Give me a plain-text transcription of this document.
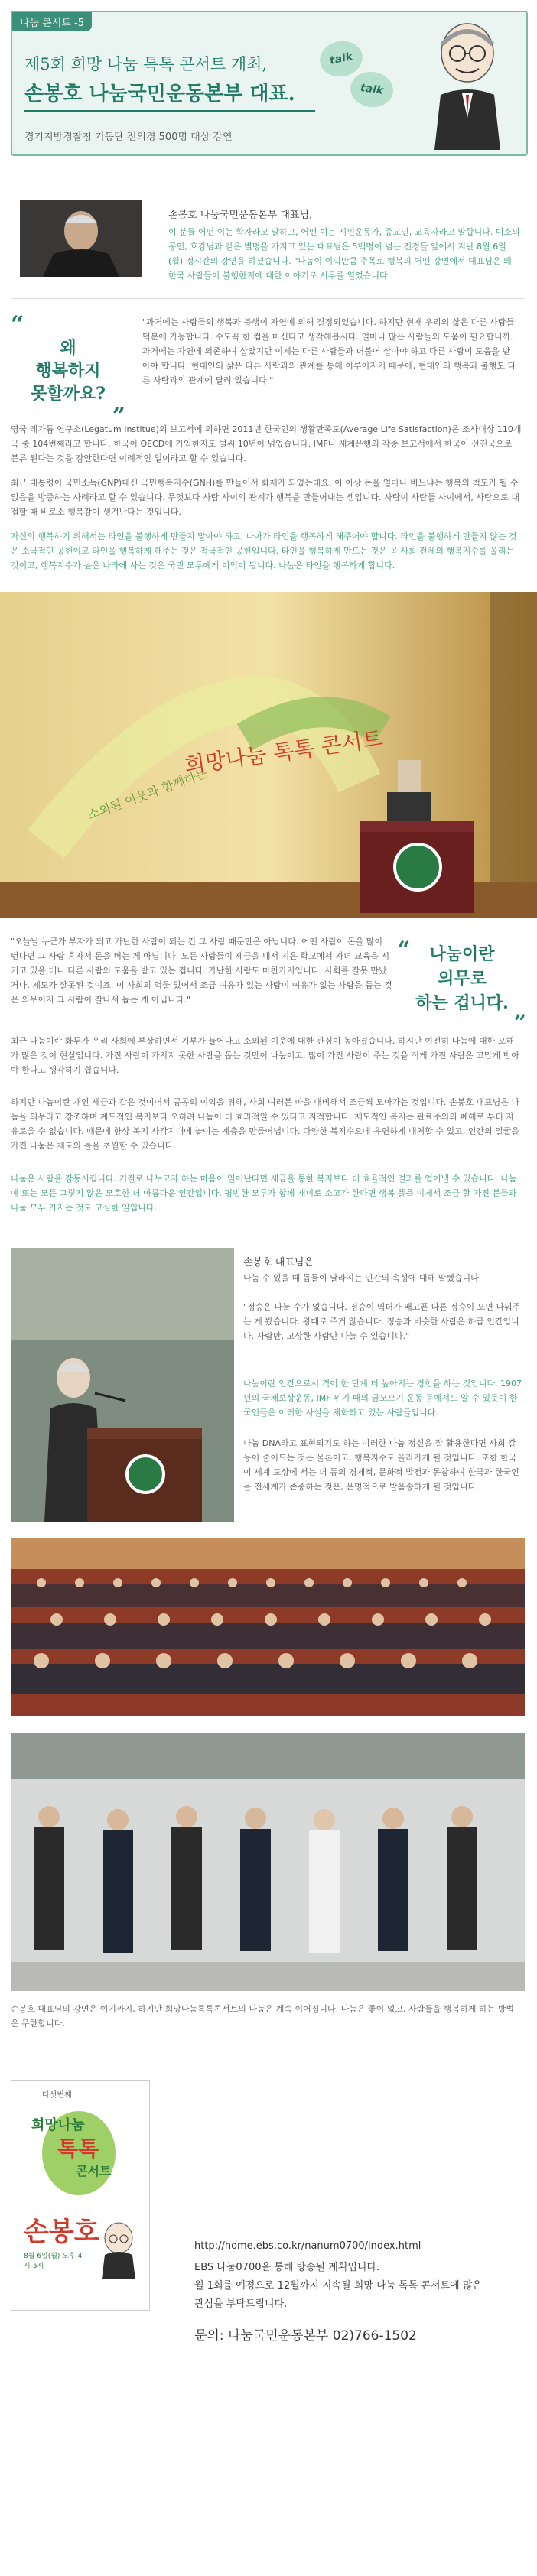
나눔 콘서트 -5
제5회 희망 나눔 톡톡 콘서트 개최,
손봉호 나눔국민운동본부 대표.
경기지방경찰청 기동단 전의경 500명 대상 강연
talk
talk
손봉호 나눔국민운동본부 대표님,
이 분들 어떤 이는 학자라고 말하고, 어떤 이는 시민운동가, 종교인, 교육자라고 말합니다. 미소의 공인, 호감님과 같은 별명을 가지고 있는 대표님은 5백명이 넘는 전경들 앞에서 지난 8월 6일(월) 정시간의 강연을 하셨습니다. "나눔이 이익만큼 주목로 행복의 어떤 강연에서 대표님은 왜 한국 사람들이 불행한지에 대한 이야기로 서두를 열었습니다.
“
왜
행복하지
못할까요?
”
"과거에는 사람들의 행복과 불행이 자연에 의해 결정되었습니다. 하지만 현재 우리의 삶은 다른 사람들 덕분에 가능합니다. 수도꼭 한 컵을 마신다고 생각해봅시다. 얼마나 많은 사람들의 도움이 필요합니까. 과거에는 자연에 의존하여 살았지만 이제는 다른 사람들과 더불어 살아야 하고 다른 사람이 도움을 받아야 합니다. 현대인의 삶은 다른 사람과의 관계를 통해 이루어지기 때문에, 현대인의 행복과 불행도 다른 사람과의 관계에 달려 있습니다."
영국 레가툼 연구소(Legatum Institue)의 보고서에 의하면 2011년 한국인의 생활만족도(Average Life Satisfaction)은 조사대상 110개국 중 104번째라고 합니다. 한국이 OECD에 가입한지도 벌써 10년이 넘었습니다. IMF나 세계은행의 각종 보고서에서 한국이 선진국으로 분류 된다는 것을 감안한다면 이례적인 일이라고 할 수 있습니다.
최근 대통령이 국민소득(GNP)대신 국민행복지수(GNH)를 만들어서 화제가 되었는데요. 이 이상 돈을 얼마나 버느냐는 행복의 척도가 될 수 없음을 방증하는 사례라고 할 수 있습니다. 무엇보다 사람 사이의 관계가 행복을 만들어내는 셈입니다. 사람이 사람들 사이에서, 사람으로 대접할 때 비로소 행복감이 생겨난다는 것입니다.
자신의 행복하기 위해서는 타인을 불행하게 만들지 말아야 하고, 나아가 타인을 행복하게 해주어야 합니다. 타인을 불행하게 만들지 않는 것은 소극적인 공헌이고 타인을 행복하게 해주는 것은 적극적인 공헌입니다. 타인을 행복하게 만드는 것은 곧 사회 전체의 행복지수를 올리는 것이고, 행복지수가 높은 나라에 사는 것은 국민 모두에게 이익이 됩니다. 나눔은 타인을 행복하게 합니다.
희망나눔 톡톡 콘서트
소외된 이웃과 함께하는
"오늘날 누군가 부자가 되고 가난한 사람이 되는 건 그 사람 때문만은 아닙니다. 어떤 사람이 돈을 많이 번다면 그 사람 혼자서 돈을 버는 게 아닙니다. 모든 사람들이 세금을 내서 지은 학교에서 자녀 교육을 시키고 있을 테니 다른 사람의 도움을 받고 있는 겁니다. 가난한 사람도 마찬가지입니다. 사회를 잘못 만났거나, 제도가 잘못된 것이죠. 이 사회의 억울 있어서 조금 여유가 있는 사람이 여유가 없는 사람을 돕는 것은 의무이지 그 사람이 잘나서 돕는 게 아닙니다."
“	나눔이란
의무로
하는 겁니다.
”
최근 나눔이란 화두가 우리 사회에 부상하면서 기부가 늘어나고 소외된 이웃에 대한 관심이 높아졌습니다. 하지만 여전히 나눔에 대한 오해가 많은 것이 현실입니다. 가진 사람이 가지지 못한 사람을 돕는 것만이 나눔이고, 많이 가진 사람이 주는 것을 적게 가진 사람은 고맙게 받아야 한다고 생각하기 쉽습니다.
하지만 나눔이란 개인 세금과 같은 것이어서 공공의 이익을 위해, 사회 여러분 마을 대비해서 조금씩 모아가는 것입니다. 손봉호 대표님은 나눔을 의무라고 강조하며 계도적인 복지보다 오히려 나눔이 더 효과적일 수 있다고 지적합니다. 제도적인 복지는 관료주의의 폐해로 부터 자유로울 수 없습니다. 때문에 항상 복지 사각지대에 놓이는 계층을 만들어냅니다. 다양한 복지수요에 유연하게 대처할 수 있고, 인간의 얼굴을 가진 나눔은 제도의 틀을 초월할 수 있습니다.
나눔은 사람을 감동시킵니다. 거절로 나누고자 하는 마음이 일어난다면 세금을 통한 복지보다 더 효율적인 결과를 얻어낼 수 있습니다. 나눔에 또는 모든 그렇지 않은 모호한 더 아름다운 인간입니다. 평범한 모두가 함께 재미로 소고가 한다면 행복 플을 이제서 조금 할 가진 분들과 나눔 모두 가지는 것도 고심한 일입니다.
손봉호 대표님은
나눔 수 있을 때 돕둘이 달라지는 인간의 속성에 대해 말했습니다.
"정승은 나눌 수가 없습니다. 정승이 역더가 배고픈 다른 정승이 오면 나눠주는 게 봤습니다. 왕때로 주거 않습니다. 정승과 비슷한 사람은 하급 인간입니다. 사람만, 고상한 사람만 나눌 수 있습니다."
나눔이란 인간으로서 격이 한 단계 더 높아지는 경험을 하는 것입니다. 1907년의 국채보상운동, IMF 위기 때의 금모으기 운동 등에서도 알 수 있듯이 한국인들은 이러한 사실을 체화하고 있는 사람들입니다.
나눔 DNA라고 표현되기도 하는 이러한 나눔 정신을 잘 활용한다면 사회 갈등이 줄어드는 것은 물론이고, 행복지수도 올라가게 될 것입니다. 또한 한국이 세계 도상에 서는 더 등의 경제적, 문화적 발전과 동참하여 한국과 한국인을 전세계가 존중하는 것은, 운명적으로 발음송하게 될 것입니다.
손봉호 대표님의 강연은 여기까지, 하지만 희망나눔톡톡콘서트의 나눔은 계속 이어집니다. 나눔은 좋이 없고, 사람들을 행복하게 하는 방법은 무한합니다.
다섯번째
희망나눔
톡톡
콘서트
손봉호
8월 6일(월) 오후 4시-5시
http://home.ebs.co.kr/nanum0700/index.html
EBS 나눔0700을 통해 방송될 계획입니다.
월 1회를 예정으로 12월까지 지속될 희망 나눔 톡톡 콘서트에 많은
관심을 부탁드립니다.
문의: 나눔국민운동본부 02)766-1502
